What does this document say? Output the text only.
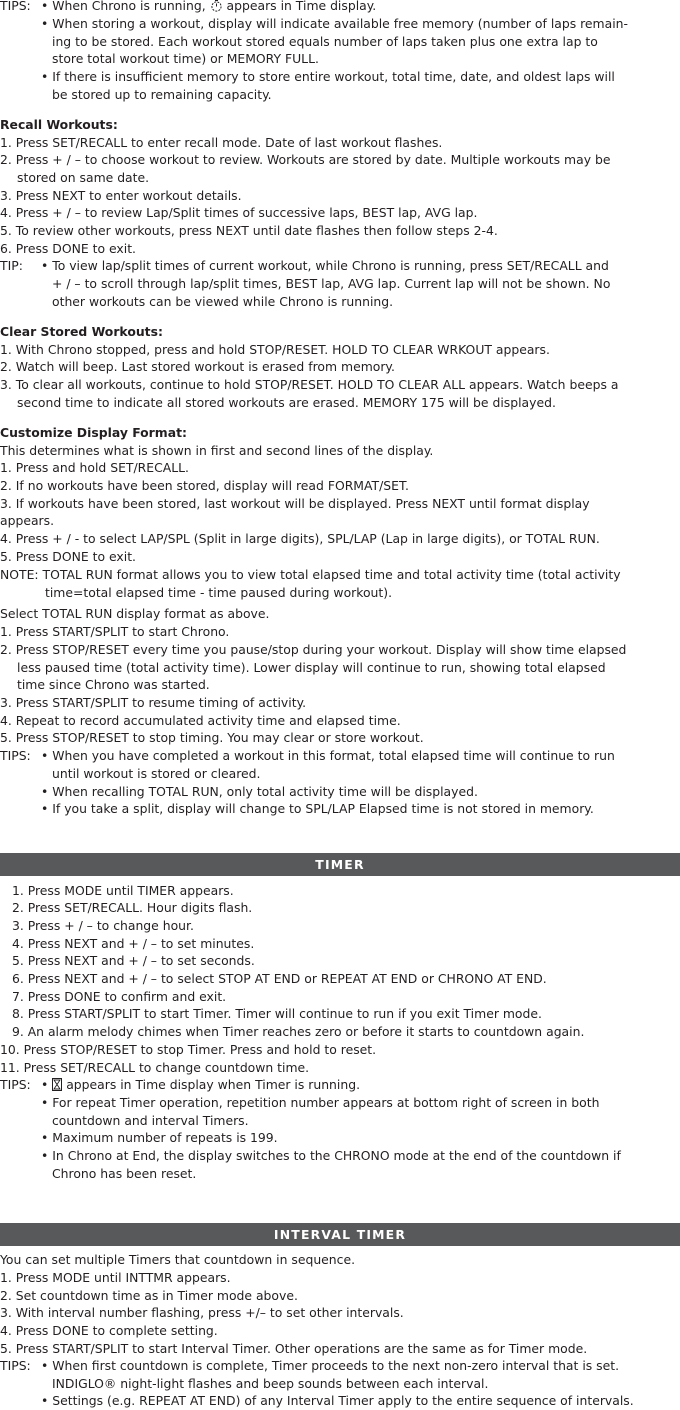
TIPS: • When Chrono is running, appears in Time display.
• When storing a workout, display will indicate available free memory (number of laps remain-
ing to be stored. Each workout stored equals number of laps taken plus one extra lap to
store total workout time) or MEMORY FULL.
• If there is insufficient memory to store entire workout, total time, date, and oldest laps will
be stored up to remaining capacity.
Recall Workouts:
1. Press SET/RECALL to enter recall mode. Date of last workout flashes.
2. Press + / – to choose workout to review. Workouts are stored by date. Multiple workouts may be
stored on same date.
3. Press NEXT to enter workout details.
4. Press + / – to review Lap/Split times of successive laps, BEST lap, AVG lap.
5. To review other workouts, press NEXT until date flashes then follow steps 2-4.
6. Press DONE to exit.
TIP: • To view lap/split times of current workout, while Chrono is running, press SET/RECALL and
+ / – to scroll through lap/split times, BEST lap, AVG lap. Current lap will not be shown. No
other workouts can be viewed while Chrono is running.
Clear Stored Workouts:
1. With Chrono stopped, press and hold STOP/RESET. HOLD TO CLEAR WRKOUT appears.
2. Watch will beep. Last stored workout is erased from memory.
3. To clear all workouts, continue to hold STOP/RESET. HOLD TO CLEAR ALL appears. Watch beeps a
second time to indicate all stored workouts are erased. MEMORY 175 will be displayed.
Customize Display Format:
This determines what is shown in first and second lines of the display.
1. Press and hold SET/RECALL.
2. If no workouts have been stored, display will read FORMAT/SET.
3. If workouts have been stored, last workout will be displayed. Press NEXT until format display
appears.
4. Press + / - to select LAP/SPL (Split in large digits), SPL/LAP (Lap in large digits), or TOTAL RUN.
5. Press DONE to exit.
NOTE: TOTAL RUN format allows you to view total elapsed time and total activity time (total activity
time=total elapsed time - time paused during workout).
Select TOTAL RUN display format as above.
1. Press START/SPLIT to start Chrono.
2. Press STOP/RESET every time you pause/stop during your workout. Display will show time elapsed
less paused time (total activity time). Lower display will continue to run, showing total elapsed
time since Chrono was started.
3. Press START/SPLIT to resume timing of activity.
4. Repeat to record accumulated activity time and elapsed time.
5. Press STOP/RESET to stop timing. You may clear or store workout.
TIPS: • When you have completed a workout in this format, total elapsed time will continue to run
until workout is stored or cleared.
• When recalling TOTAL RUN, only total activity time will be displayed.
• If you take a split, display will change to SPL/LAP Elapsed time is not stored in memory.
TIMER
1. Press MODE until TIMER appears.
2. Press SET/RECALL. Hour digits flash.
3. Press + / – to change hour.
4. Press NEXT and + / – to set minutes.
5. Press NEXT and + / – to set seconds.
6. Press NEXT and + / – to select STOP AT END or REPEAT AT END or CHRONO AT END.
7. Press DONE to confirm and exit.
8. Press START/SPLIT to start Timer. Timer will continue to run if you exit Timer mode.
9. An alarm melody chimes when Timer reaches zero or before it starts to countdown again.
10. Press STOP/RESET to stop Timer. Press and hold to reset.
11. Press SET/RECALL to change countdown time.
TIPS: •  appears in Time display when Timer is running.
• For repeat Timer operation, repetition number appears at bottom right of screen in both
countdown and interval Timers.
• Maximum number of repeats is 199.
• In Chrono at End, the display switches to the CHRONO mode at the end of the countdown if
Chrono has been reset.
INTERVAL TIMER
You can set multiple Timers that countdown in sequence.
1. Press MODE until INTTMR appears.
2. Set countdown time as in Timer mode above.
3. With interval number flashing, press +/– to set other intervals.
4. Press DONE to complete setting.
5. Press START/SPLIT to start Interval Timer. Other operations are the same as for Timer mode.
TIPS: • When first countdown is complete, Timer proceeds to the next non-zero interval that is set.
INDIGLO® night-light flashes and beep sounds between each interval.
• Settings (e.g. REPEAT AT END) of any Interval Timer apply to the entire sequence of intervals.
